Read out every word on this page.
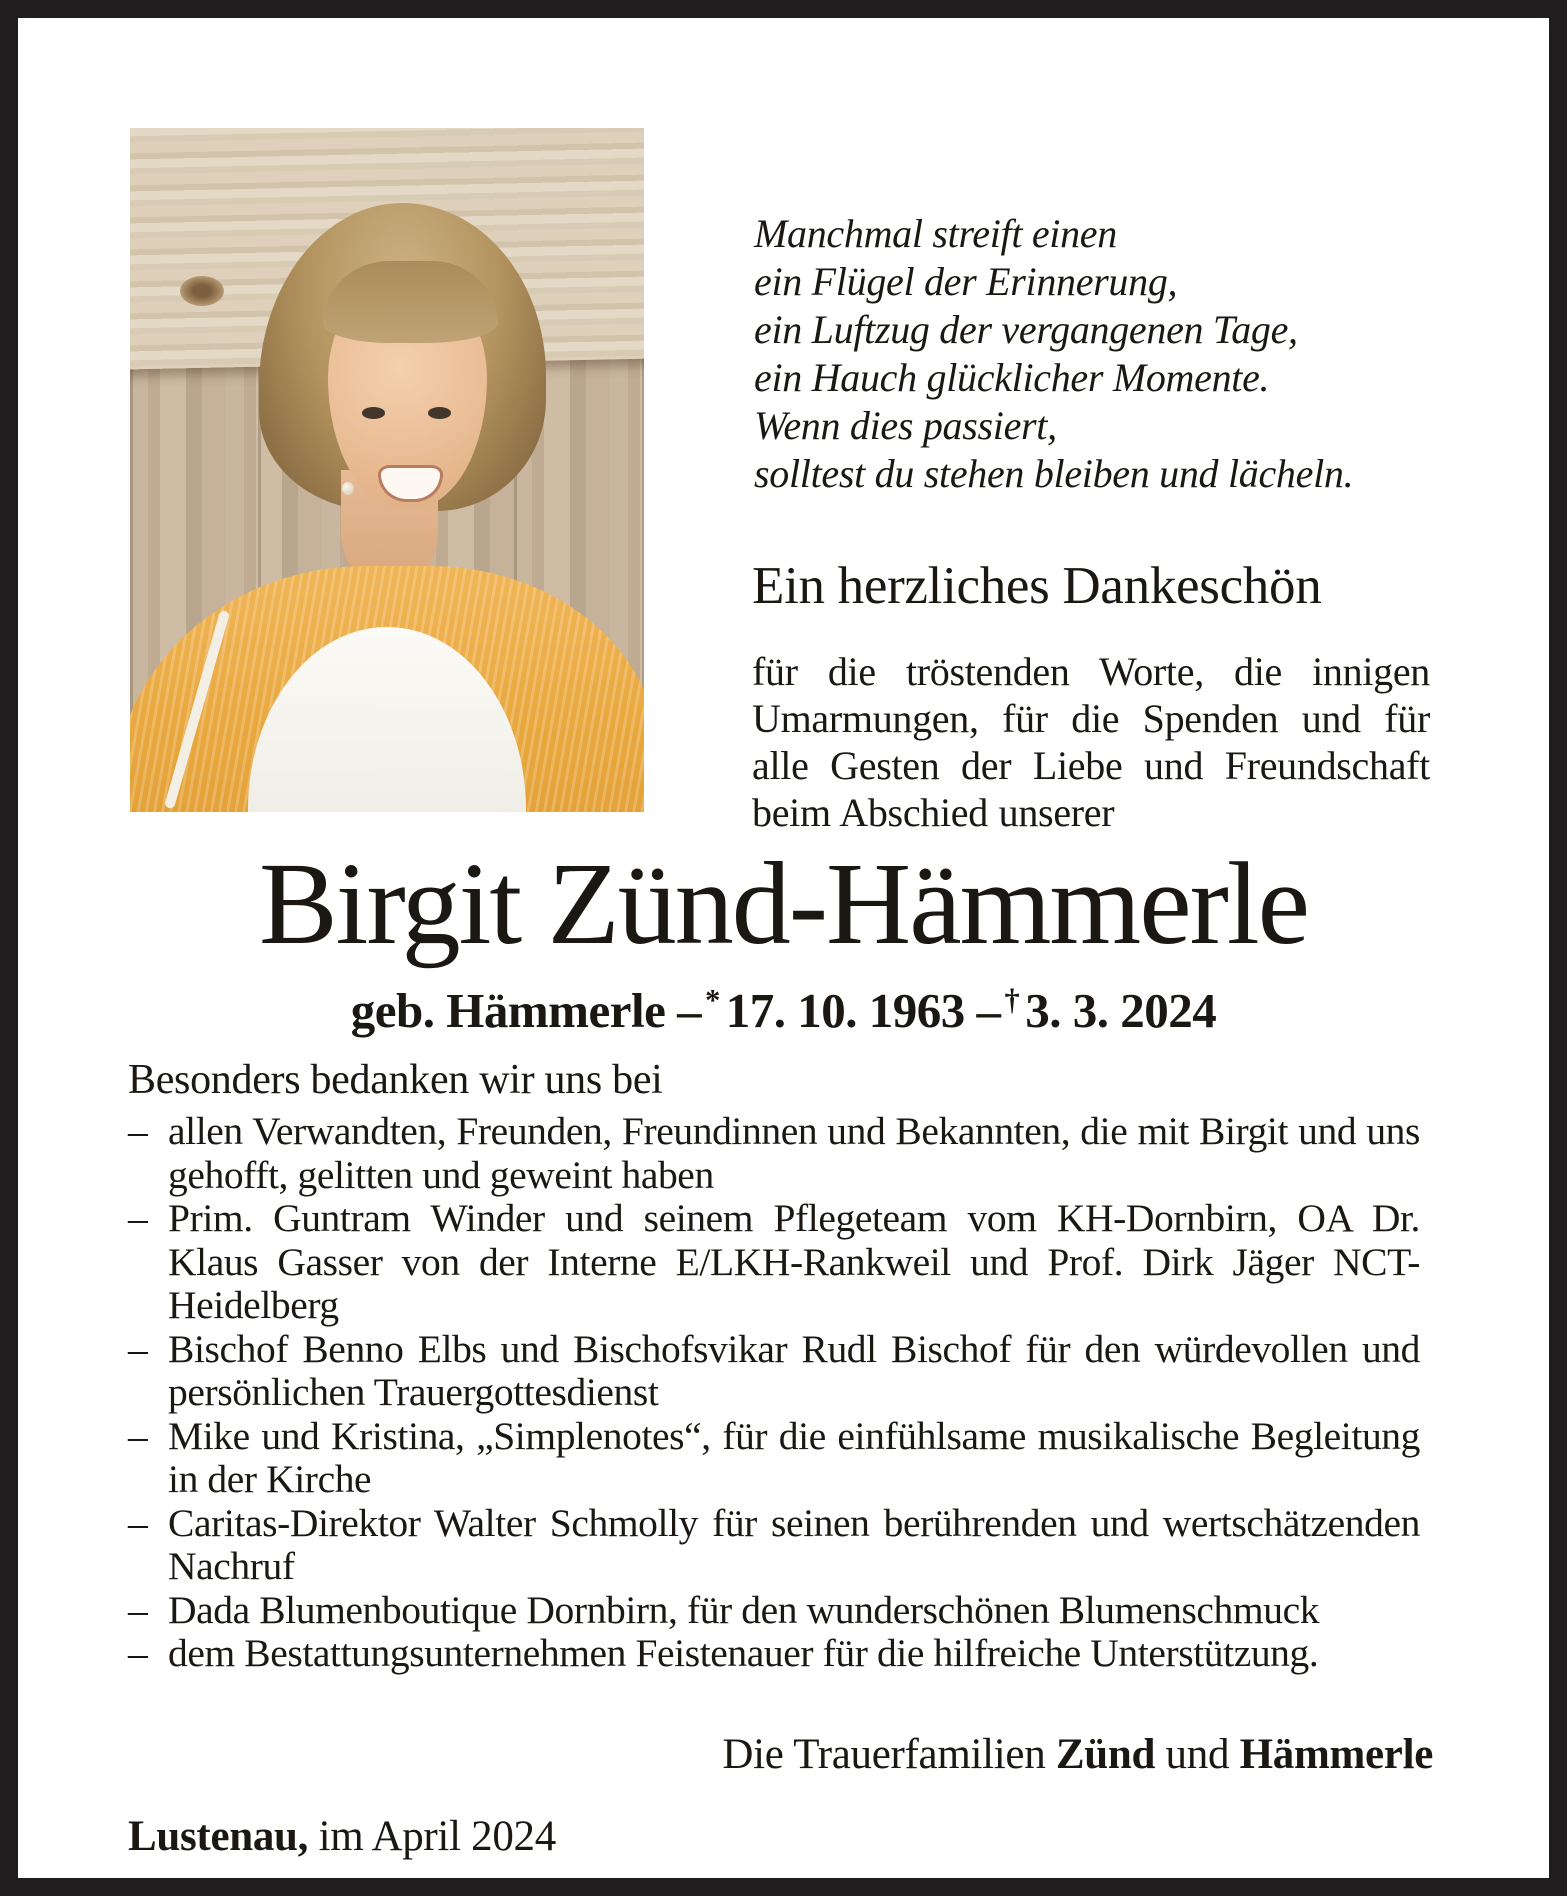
Manchmal streift einen
ein Flügel der Erinnerung,
ein Luftzug der vergangenen Tage,
ein Hauch glücklicher Momente.
Wenn dies passiert,
solltest du stehen bleiben und lächeln.
Ein herzliches Dankeschön

für die tröstenden Worte, die innigen Umarmungen, für die Spenden und für alle Gesten der Liebe und Freundschaft beim Abschied unserer

Birgit Zünd-Hämmerle
geb. Hämmerle – * 17. 10. 1963 – † 3. 3. 2024

Besonders bedanken wir uns bei

– allen Verwandten, Freunden, Freundinnen und Bekannten, die mit Birgit und uns gehofft, gelitten und geweint haben
– Prim. Guntram Winder und seinem Pflegeteam vom KH-Dornbirn, OA Dr. Klaus Gasser von der Interne E/LKH-Rankweil und Prof. Dirk Jäger NCT-Heidelberg
– Bischof Benno Elbs und Bischofsvikar Rudl Bischof für den würdevollen und persönlichen Trauergottesdienst
– Mike und Kristina, „Simplenotes“, für die einfühlsame musikalische Begleitung in der Kirche
– Caritas-Direktor Walter Schmolly für seinen berührenden und wertschätzenden Nachruf
– Dada Blumenboutique Dornbirn, für den wunderschönen Blumenschmuck
– dem Bestattungsunternehmen Feistenauer für die hilfreiche Unterstützung.

Die Trauerfamilien Zünd und Hämmerle

Lustenau, im April 2024
